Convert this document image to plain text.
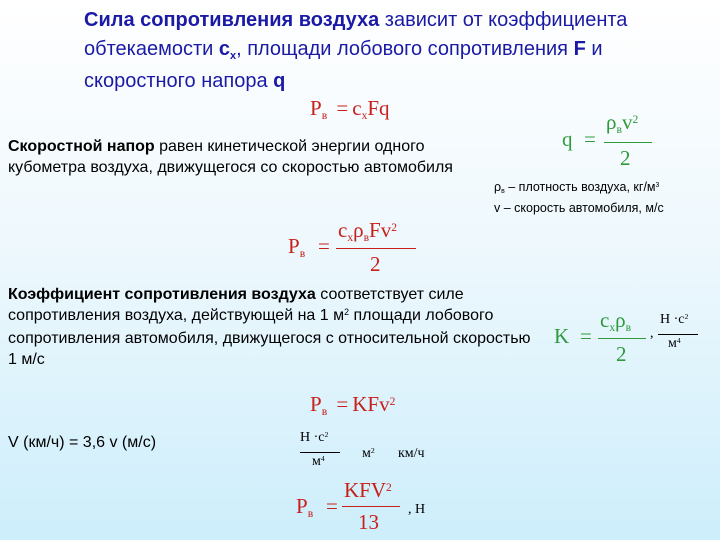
Сила сопротивления воздуха зависит от коэффициента обтекаемости cx, площади лобового сопротивления F и скоростного напора q
Pв = cxFq
Скоростной напор равен кинетической энергии одного кубометра воздуха, движущегося со скоростью автомобиля
q =
ρвv$^2$
2
ρв – плотность воздуха, $кг/м^3$
v – скорость автомобиля, м/с
Pв =
cxρвFv$^2$
2
Коэффициент сопротивления воздуха соответствует силе сопротивления воздуха, действующей на 1 $м^2$ площади лобового сопротивления автомобиля, движущегося с относительной скоростью 1 м/с
K =
cxρв
2
,
$Н \cdot с^2$
$м^4$
Pв = KFv$^2$
V (км/ч) = 3,6 v (м/с)	$Н \cdot с^2$
$м^4$	$м^2$ км/ч
Pв =
$KFV^2$
13
, Н
